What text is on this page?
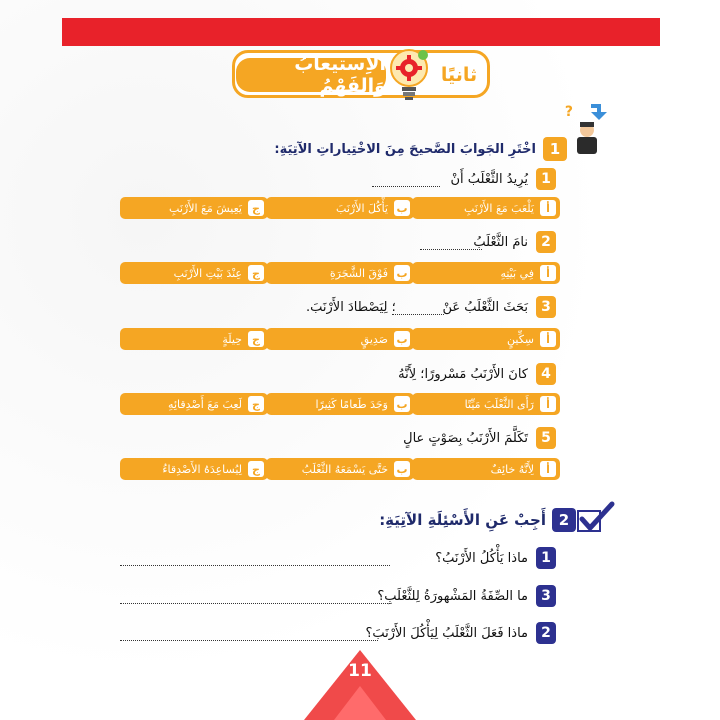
ثانيًا
الاِستيعابُ وَالفَهْمُ
?
1
اخْتَرِ الجَوابَ الصَّحيحَ مِنَ الاخْتِياراتِ الآتِيَةِ:
1
يُرِيدُ الثَّعْلَبُ أَنْ
أ
يَلْعَبَ مَعَ الأَرْنَبِ
ب
يَأْكُلَ الأَرْنَبَ
ج
يَعِيشَ مَعَ الأَرْنَبِ
2
نامَ الثَّعْلَبُ
أ
فِي بَيْتِهِ
ب
فَوْقَ الشَّجَرَةِ
ج
عِنْدَ بَيْتِ الأَرْنَبِ
3
بَحَثَ الثَّعْلَبُ عَنْ
؛ لِيَصْطادَ الأَرْنَبَ.
أ
سِكِّينٍ
ب
صَدِيقٍ
ج
حِيلَةٍ
4
كانَ الأَرْنَبُ مَسْرورًا؛ لِأَنَّهُ
أ
رَأَى الثَّعْلَبَ مَيِّتًا
ب
وَجَدَ طَعامًا كَثِيرًا
ج
لَعِبَ مَعَ أَصْدِقائِهِ
5
تَكَلَّمَ الأَرْنَبُ بِصَوْتٍ عالٍ
أ
لِأَنَّهُ خائِفٌ
ب
حَتَّى يَسْمَعَهُ الثَّعْلَبُ
ج
لِيُساعِدَهُ الأَصْدِقاءُ
2
أَجِبْ عَنِ الأَسْئِلَةِ الآتِيَةِ:
1
ماذا يَأْكُلُ الأَرْنَبُ؟
3
ما الصِّفَةُ المَشْهورَةُ لِلثَّعْلَبِ؟
2
ماذا فَعَلَ الثَّعْلَبُ لِيَأْكُلَ الأَرْنَبَ؟
11
